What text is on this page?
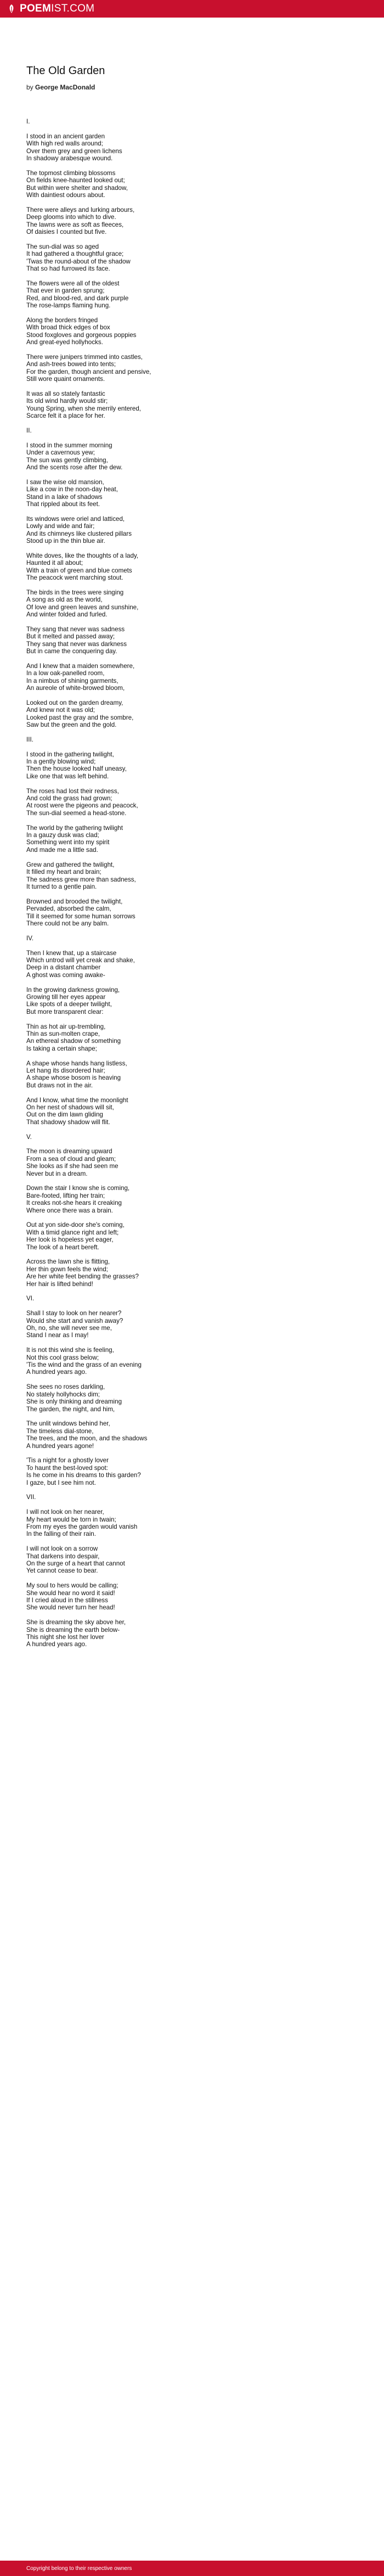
POEMIST.COM
The Old Garden
by George MacDonald
I.
I stood in an ancient garden
With high red walls around;
Over them grey and green lichens
In shadowy arabesque wound.
The topmost climbing blossoms
On fields knee-haunted looked out;
But within were shelter and shadow,
With daintiest odours about.
There were alleys and lurking arbours,
Deep glooms into which to dive.
The lawns were as soft as fleeces,
Of daisies I counted but five.
The sun-dial was so aged
It had gathered a thoughtful grace;
'Twas the round-about of the shadow
That so had furrowed its face.
The flowers were all of the oldest
That ever in garden sprung;
Red, and blood-red, and dark purple
The rose-lamps flaming hung.
Along the borders fringed
With broad thick edges of box
Stood foxgloves and gorgeous poppies
And great-eyed hollyhocks.
There were junipers trimmed into castles,
And ash-trees bowed into tents;
For the garden, though ancient and pensive,
Still wore quaint ornaments.
It was all so stately fantastic
Its old wind hardly would stir;
Young Spring, when she merrily entered,
Scarce felt it a place for her.
II.
I stood in the summer morning
Under a cavernous yew;
The sun was gently climbing,
And the scents rose after the dew.
I saw the wise old mansion,
Like a cow in the noon-day heat,
Stand in a lake of shadows
That rippled about its feet.
Its windows were oriel and latticed,
Lowly and wide and fair;
And its chimneys like clustered pillars
Stood up in the thin blue air.
White doves, like the thoughts of a lady,
Haunted it all about;
With a train of green and blue comets
The peacock went marching stout.
The birds in the trees were singing
A song as old as the world,
Of love and green leaves and sunshine,
And winter folded and furled.
They sang that never was sadness
But it melted and passed away;
They sang that never was darkness
But in came the conquering day.
And I knew that a maiden somewhere,
In a low oak-panelled room,
In a nimbus of shining garments,
An aureole of white-browed bloom,
Looked out on the garden dreamy,
And knew not it was old;
Looked past the gray and the sombre,
Saw but the green and the gold.
III.
I stood in the gathering twilight,
In a gently blowing wind;
Then the house looked half uneasy,
Like one that was left behind.
The roses had lost their redness,
And cold the grass had grown;
At roost were the pigeons and peacock,
The sun-dial seemed a head-stone.
The world by the gathering twilight
In a gauzy dusk was clad;
Something went into my spirit
And made me a little sad.
Grew and gathered the twilight,
It filled my heart and brain;
The sadness grew more than sadness,
It turned to a gentle pain.
Browned and brooded the twilight,
Pervaded, absorbed the calm,
Till it seemed for some human sorrows
There could not be any balm.
IV.
Then I knew that, up a staircase
Which untrod will yet creak and shake,
Deep in a distant chamber
A ghost was coming awake-
In the growing darkness growing,
Growing till her eyes appear
Like spots of a deeper twilight,
But more transparent clear:
Thin as hot air up-trembling,
Thin as sun-molten crape,
An ethereal shadow of something
Is taking a certain shape;
A shape whose hands hang listless,
Let hang its disordered hair;
A shape whose bosom is heaving
But draws not in the air.
And I know, what time the moonlight
On her nest of shadows will sit,
Out on the dim lawn gliding
That shadowy shadow will flit.
V.
The moon is dreaming upward
From a sea of cloud and gleam;
She looks as if she had seen me
Never but in a dream.
Down the stair I know she is coming,
Bare-footed, lifting her train;
It creaks not-she hears it creaking
Where once there was a brain.
Out at yon side-door she's coming,
With a timid glance right and left;
Her look is hopeless yet eager,
The look of a heart bereft.
Across the lawn she is flitting,
Her thin gown feels the wind;
Are her white feet bending the grasses?
Her hair is lifted behind!
VI.
Shall I stay to look on her nearer?
Would she start and vanish away?
Oh, no, she will never see me,
Stand I near as I may!
It is not this wind she is feeling,
Not this cool grass below;
'Tis the wind and the grass of an evening
A hundred years ago.
She sees no roses darkling,
No stately hollyhocks dim;
She is only thinking and dreaming
The garden, the night, and him,
The unlit windows behind her,
The timeless dial-stone,
The trees, and the moon, and the shadows
A hundred years agone!
'Tis a night for a ghostly lover
To haunt the best-loved spot:
Is he come in his dreams to this garden?
I gaze, but I see him not.
VII.
I will not look on her nearer,
My heart would be torn in twain;
From my eyes the garden would vanish
In the falling of their rain.
I will not look on a sorrow
That darkens into despair,
On the surge of a heart that cannot
Yet cannot cease to bear.
My soul to hers would be calling;
She would hear no word it said!
If I cried aloud in the stillness
She would never turn her head!
She is dreaming the sky above her,
She is dreaming the earth below-
This night she lost her lover
A hundred years ago.
Copyright belong to their respective owners
